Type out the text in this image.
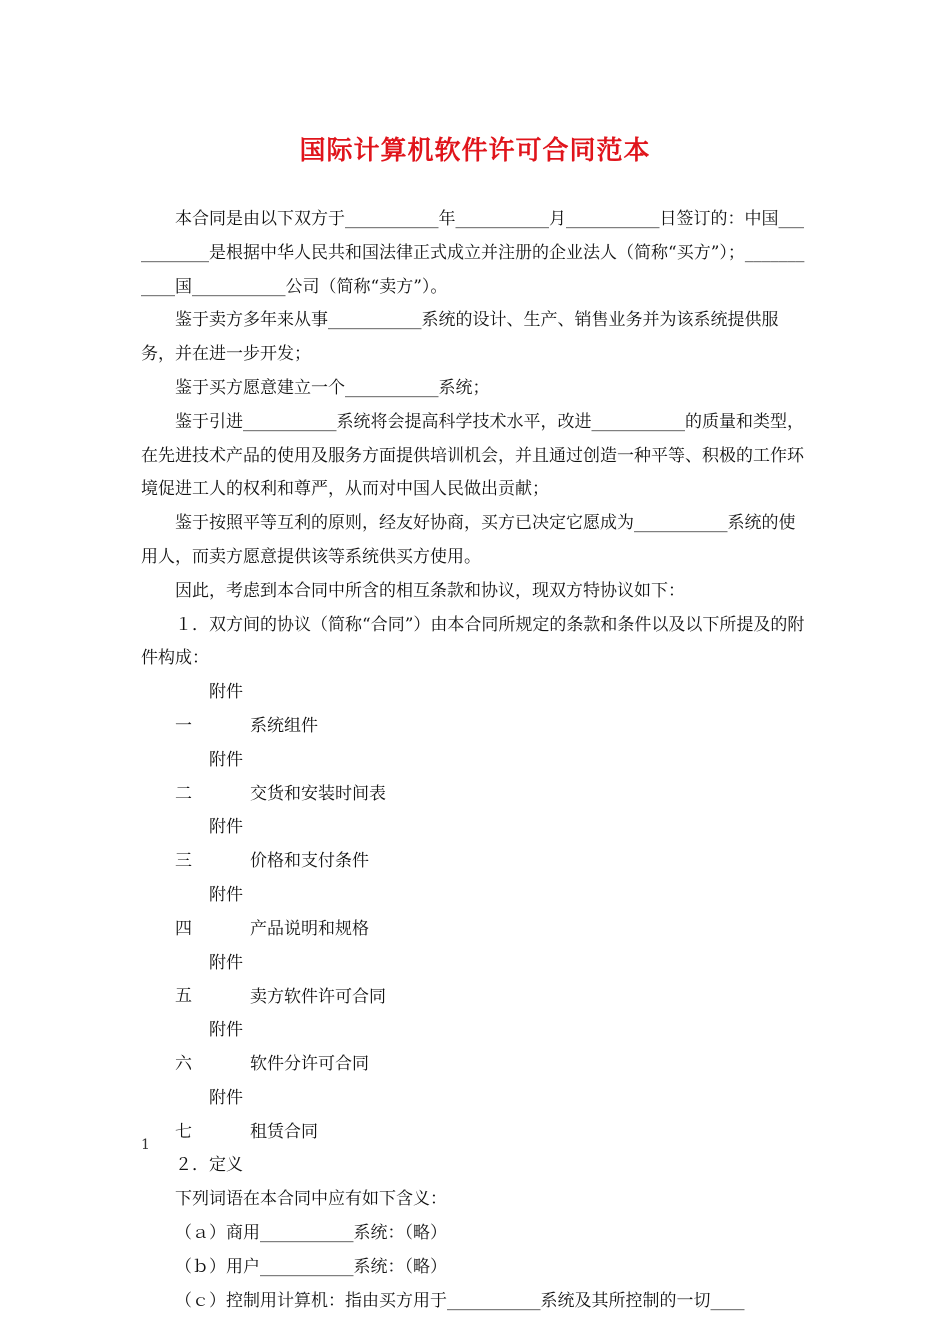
国际计算机软件许可合同范本

本合同是由以下双方于___________年___________月___________日签订的：中国___________是根据中华人民共和国法律正式成立并注册的企业法人（简称“买方”）；___________国___________公司（简称“卖方”）。

鉴于卖方多年来从事___________系统的设计、生产、销售业务并为该系统提供服务，并在进一步开发；

鉴于买方愿意建立一个___________系统；

鉴于引进___________系统将会提高科学技术水平，改进___________的质量和类型，在先进技术产品的使用及服务方面提供培训机会，并且通过创造一种平等、积极的工作环境促进工人的权利和尊严，从而对中国人民做出贡献；

鉴于按照平等互利的原则，经友好协商，买方已决定它愿成为___________系统的使用人，而卖方愿意提供该等系统供买方使用。

因此，考虑到本合同中所含的相互条款和协议，现双方特协议如下：

１．双方间的协议（简称“合同”）由本合同所规定的条款和条件以及以下所提及的附件构成：

附件一	系统组件

附件二	交货和安装时间表

附件三	价格和支付条件

附件四	产品说明和规格

附件五	卖方软件许可合同

附件六	软件分许可合同

附件七	租赁合同

２．定义

下列词语在本合同中应有如下含义：

（ａ）商用___________系统：（略）

（ｂ）用户___________系统：（略）

（ｃ）控制用计算机：指由买方用于___________系统及其所控制的一切____

1
